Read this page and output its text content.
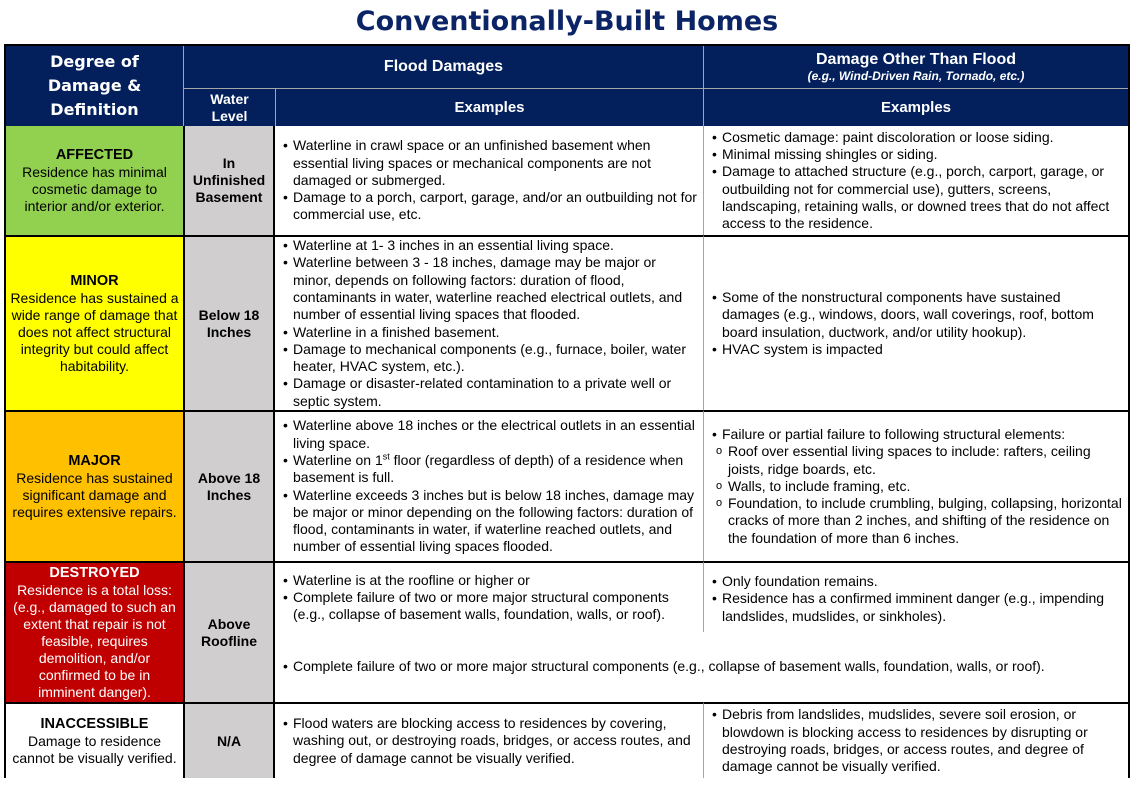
Conventionally-Built Homes
Degree of
Damage &
Definition
Flood Damages
Water
Level	Examples
Damage Other Than Flood
(e.g., Wind-Driven Rain, Tornado, etc.)
Examples
AFFECTED
Residence has minimal cosmetic damage to interior and/or exterior.
In Unfinished Basement
• Waterline in crawl space or an unfinished basement when essential living spaces or mechanical components are not damaged or submerged.
• Damage to a porch, carport, garage, and/or an outbuilding not for commercial use, etc.
• Cosmetic damage: paint discoloration or loose siding.
• Minimal missing shingles or siding.
• Damage to attached structure (e.g., porch, carport, garage, or outbuilding not for commercial use), gutters, screens, landscaping, retaining walls, or downed trees that do not affect access to the residence.
MINOR
Residence has sustained a wide range of damage that does not affect structural integrity but could affect habitability.
Below 18 Inches
• Waterline at 1- 3 inches in an essential living space.
• Waterline between 3 - 18 inches, damage may be major or minor, depends on following factors: duration of flood, contaminants in water, waterline reached electrical outlets, and number of essential living spaces that flooded.
• Waterline in a finished basement.
• Damage to mechanical components (e.g., furnace, boiler, water heater, HVAC system, etc.).
• Damage or disaster-related contamination to a private well or septic system.
• Some of the nonstructural components have sustained damages (e.g., windows, doors, wall coverings, roof, bottom board insulation, ductwork, and/or utility hookup).
• HVAC system is impacted
MAJOR
Residence has sustained significant damage and requires extensive repairs.
Above 18 Inches
• Waterline above 18 inches or the electrical outlets in an essential living space.
• Waterline on 1st floor (regardless of depth) of a residence when basement is full.
• Waterline exceeds 3 inches but is below 18 inches, damage may be major or minor depending on the following factors: duration of flood, contaminants in water, if waterline reached outlets, and number of essential living spaces flooded.
• Failure or partial failure to following structural elements:
o Roof over essential living spaces to include: rafters, ceiling joists, ridge boards, etc.
o Walls, to include framing, etc.
o Foundation, to include crumbling, bulging, collapsing, horizontal cracks of more than 2 inches, and shifting of the residence on the foundation of more than 6 inches.
DESTROYED
Residence is a total loss: (e.g., damaged to such an extent that repair is not feasible, requires demolition, and/or confirmed to be in imminent danger).
Above Roofline
• Waterline is at the roofline or higher or
• Complete failure of two or more major structural components (e.g., collapse of basement walls, foundation, walls, or roof).
• Only foundation remains.
• Residence has a confirmed imminent danger (e.g., impending landslides, mudslides, or sinkholes).
• Complete failure of two or more major structural components (e.g., collapse of basement walls, foundation, walls, or roof).
INACCESSIBLE
Damage to residence cannot be visually verified.
N/A
• Flood waters are blocking access to residences by covering, washing out, or destroying roads, bridges, or access routes, and degree of damage cannot be visually verified.
• Debris from landslides, mudslides, severe soil erosion, or blowdown is blocking access to residences by disrupting or destroying roads, bridges, or access routes, and degree of damage cannot be visually verified.
